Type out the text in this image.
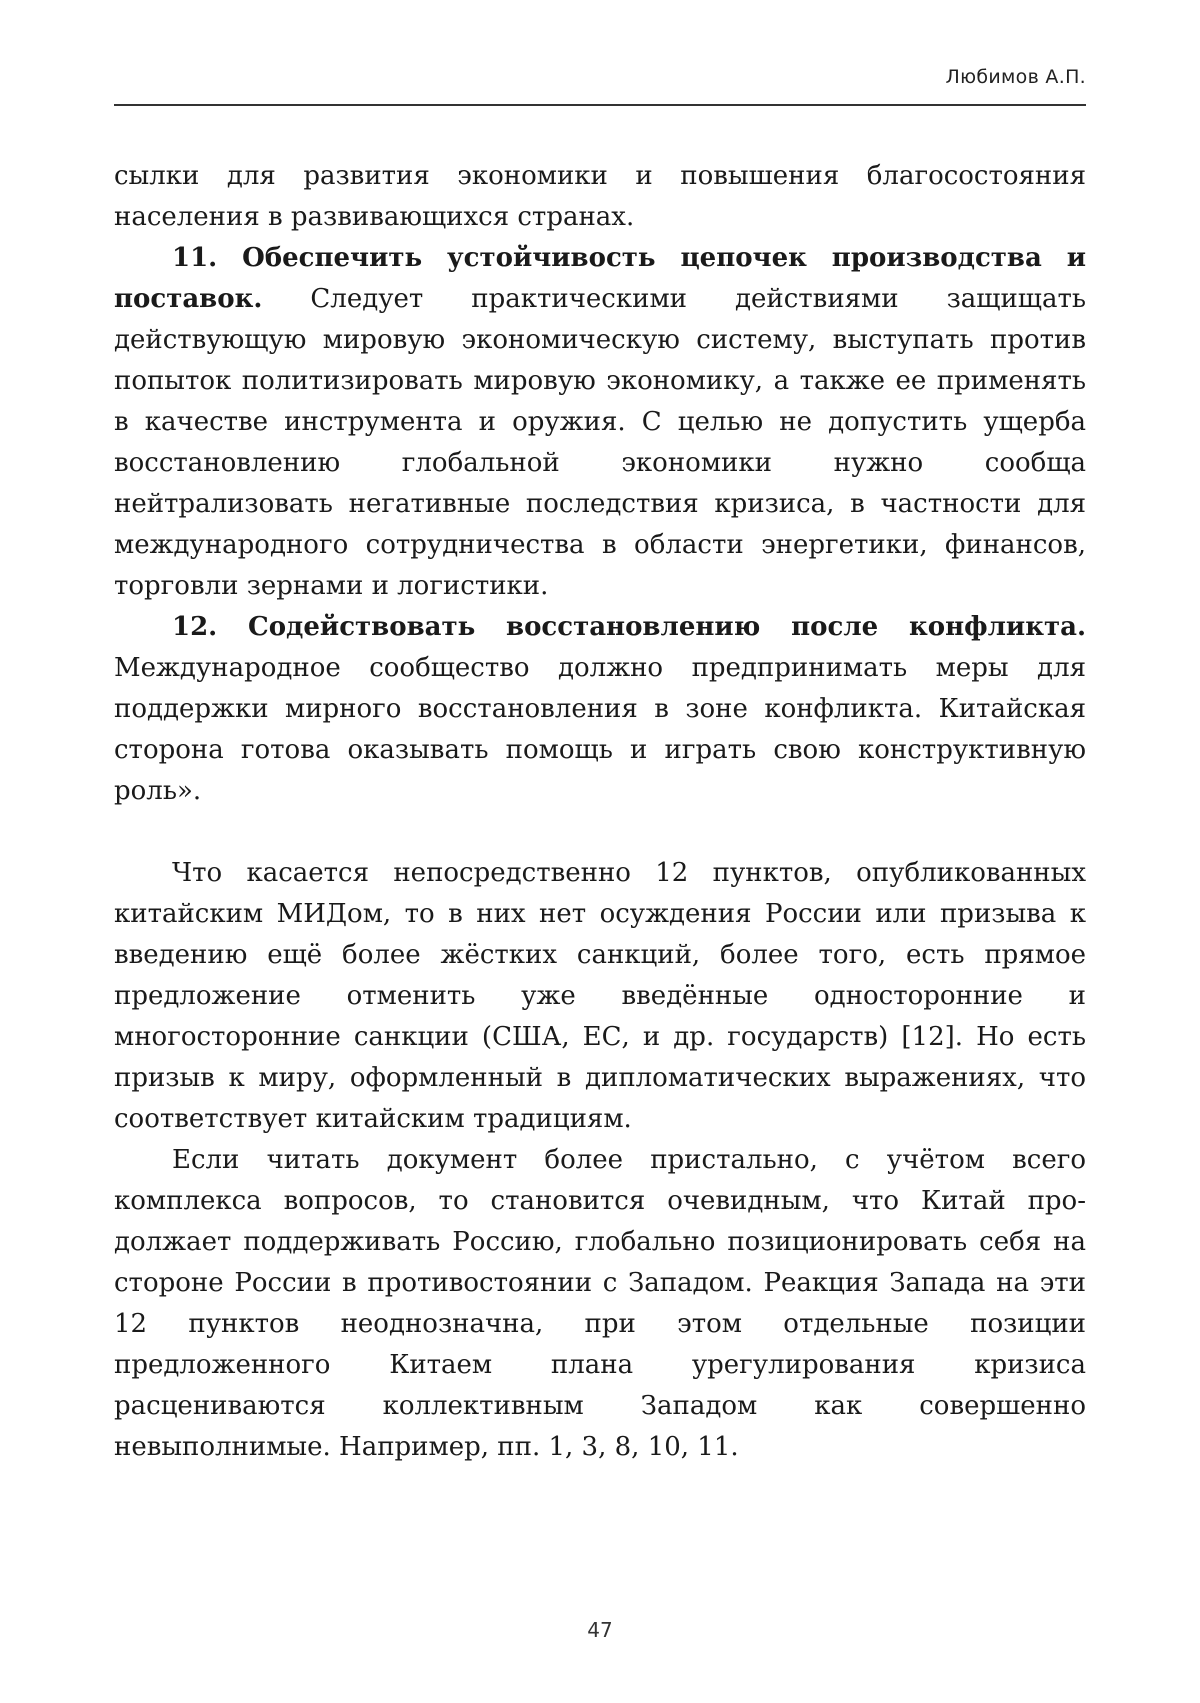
Любимов А.П.

сылки для развития экономики и повышения благосостояния населения в развивающихся странах.

11. Обеспечить устойчивость цепочек производства и поставок. Следует практическими действиями защищать действующую мировую экономическую систему, выступать против попыток политизировать мировую экономику, а также ее применять в качестве инструмента и оружия. С целью не допустить ущерба восстановлению глобальной экономики нужно сообща нейтрализовать негативные последствия кризиса, в частности для международного сотрудничества в области энергетики, финансов, торговли зернами и логистики.

12. Содействовать восстановлению после конфликта. Международное сообщество должно предпринимать меры для поддержки мирного восстановления в зоне конфликта. Китайская сторона готова оказывать помощь и играть свою конструктивную роль».

Что касается непосредственно 12 пунктов, опубликованных китайским МИДом, то в них нет осуждения России или призыва к введению ещё более жёстких санкций, более того, есть прямое предложение отменить уже введённые односторонние и многосторонние санкции (США, ЕС, и др. государств) [12]. Но есть призыв к миру, оформленный в дипломатических выражениях, что соответствует китайским традициям.

Если читать документ более пристально, с учётом всего комплекса вопросов, то становится очевидным, что Китай продолжает поддерживать Россию, глобально позиционировать себя на стороне России в противостоянии с Западом. Реакция Запада на эти 12 пунктов неоднозначна, при этом отдельные позиции предложенного Китаем плана урегулирования кризиса расцениваются коллективным Западом как совершенно невыполнимые. Например, пп. 1, 3, 8, 10, 11.

47
